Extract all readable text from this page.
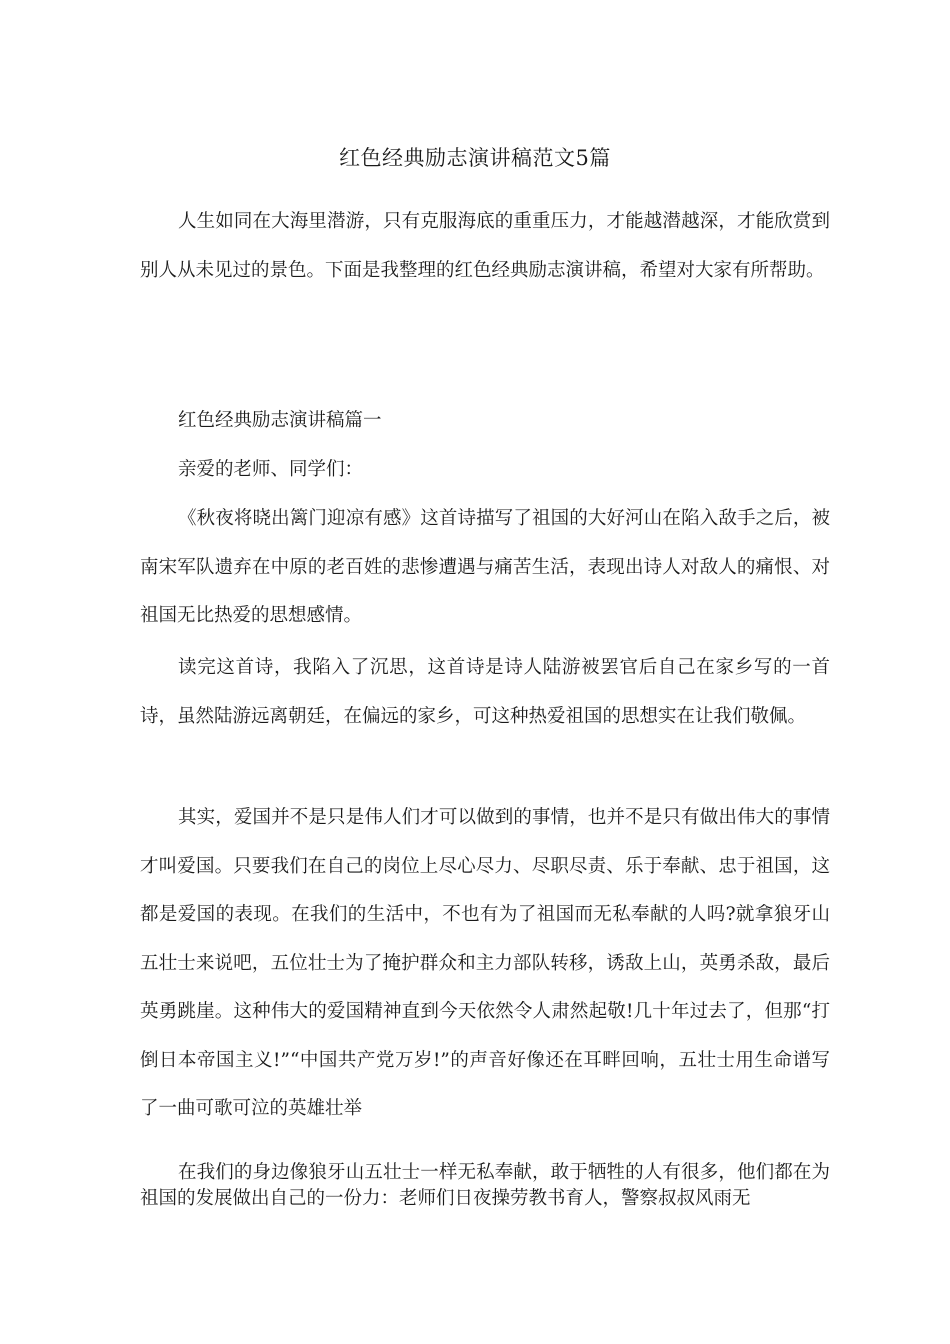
红色经典励志演讲稿范文5篇

人生如同在大海里潜游，只有克服海底的重重压力，才能越潜越深，才能欣赏到别人从未见过的景色。下面是我整理的红色经典励志演讲稿，希望对大家有所帮助。

红色经典励志演讲稿篇一

亲爱的老师、同学们：

《秋夜将晓出篱门迎凉有感》这首诗描写了祖国的大好河山在陷入敌手之后，被南宋军队遗弃在中原的老百姓的悲惨遭遇与痛苦生活，表现出诗人对敌人的痛恨、对祖国无比热爱的思想感情。

读完这首诗，我陷入了沉思，这首诗是诗人陆游被罢官后自己在家乡写的一首诗，虽然陆游远离朝廷，在偏远的家乡，可这种热爱祖国的思想实在让我们敬佩。

其实，爱国并不是只是伟人们才可以做到的事情，也并不是只有做出伟大的事情才叫爱国。只要我们在自己的岗位上尽心尽力、尽职尽责、乐于奉献、忠于祖国，这都是爱国的表现。在我们的生活中，不也有为了祖国而无私奉献的人吗?就拿狼牙山五壮士来说吧，五位壮士为了掩护群众和主力部队转移，诱敌上山，英勇杀敌，最后英勇跳崖。这种伟大的爱国精神直到今天依然令人肃然起敬!几十年过去了，但那“打倒日本帝国主义!”“中国共产党万岁!”的声音好像还在耳畔回响，五壮士用生命谱写了一曲可歌可泣的英雄壮举

在我们的身边像狼牙山五壮士一样无私奉献，敢于牺牲的人有很多，他们都在为祖国的发展做出自己的一份力：老师们日夜操劳教书育人，警察叔叔风雨无
